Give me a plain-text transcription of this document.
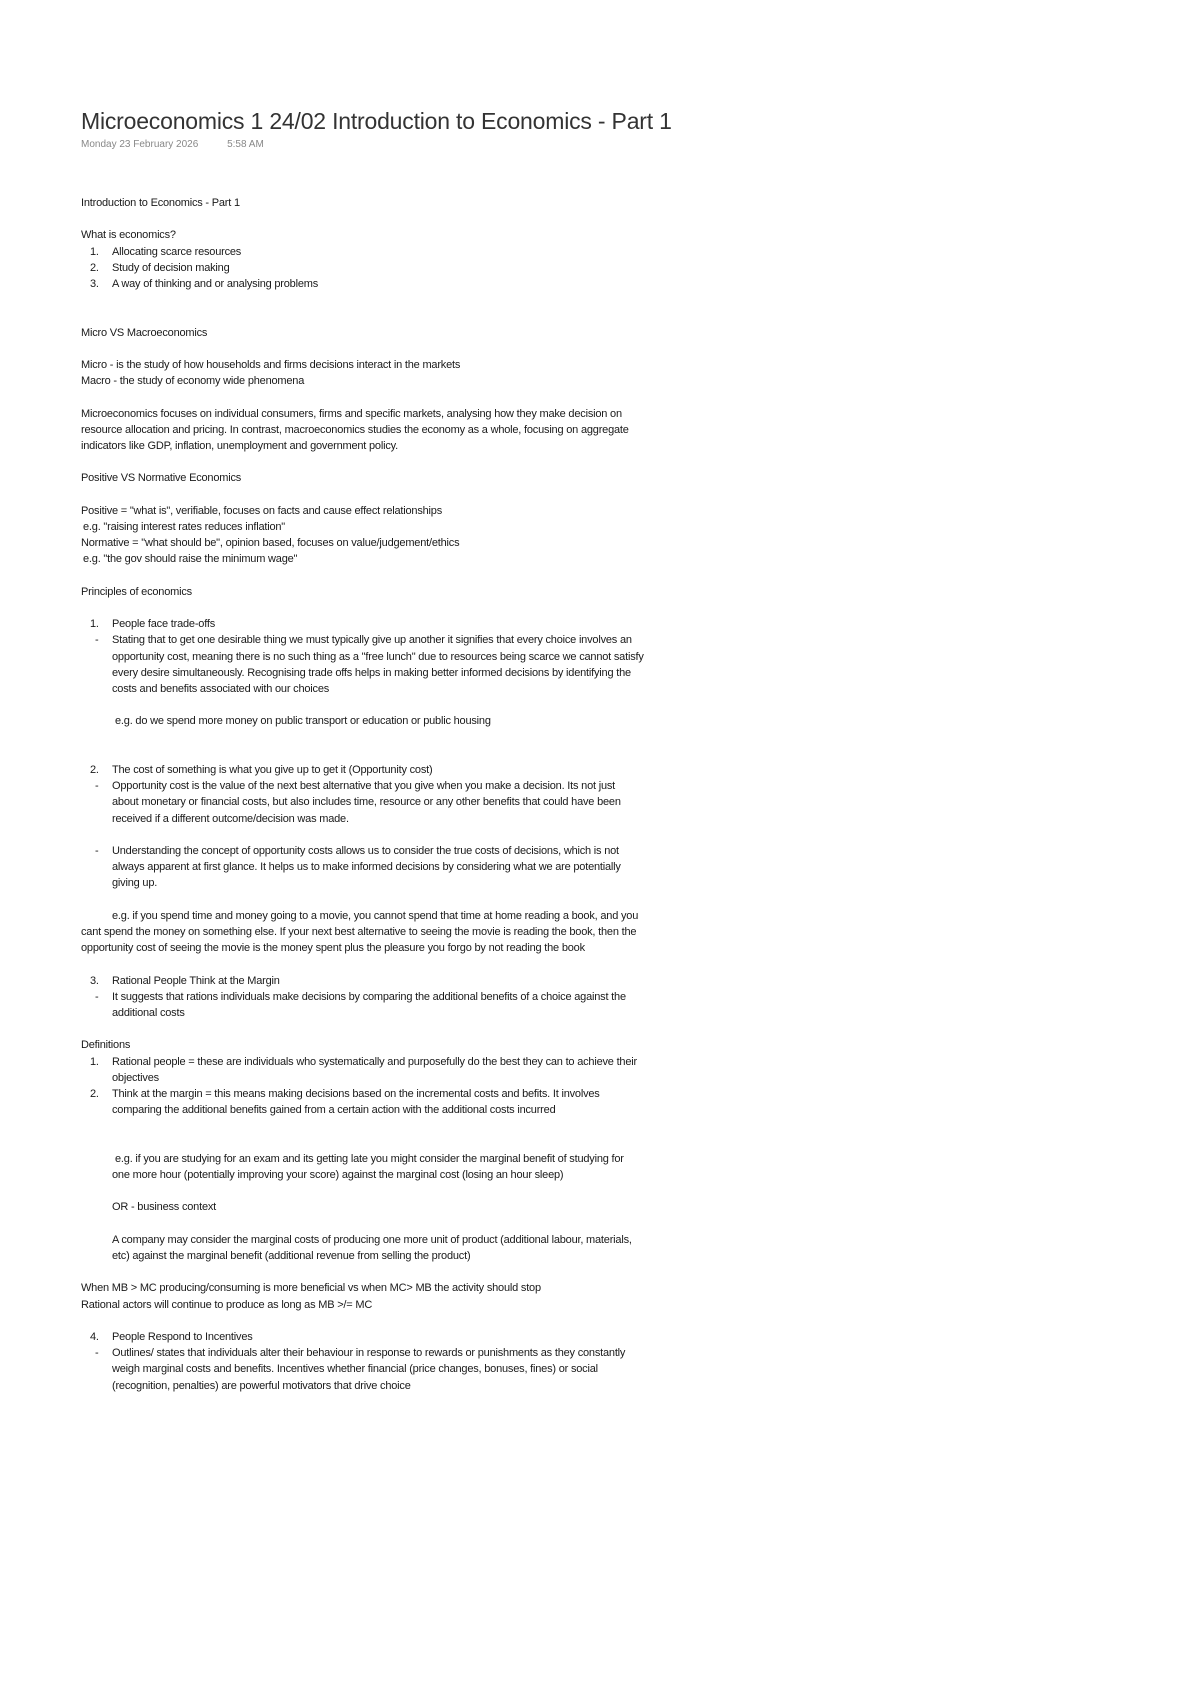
Microeconomics 1 24/02 Introduction to Economics - Part 1
Monday 23 February 2026	5:58 AM

Introduction to Economics - Part 1

What is economics?

1. Allocating scarce resources
2. Study of decision making
3. A way of thinking and or analysing problems

Micro VS Macroeconomics

Micro - is the study of how households and firms decisions interact in the markets

Macro - the study of economy wide phenomena

Microeconomics focuses on individual consumers, firms and specific markets, analysing how they make decision on

resource allocation and pricing. In contrast, macroeconomics studies the economy as a whole, focusing on aggregate

indicators like GDP, inflation, unemployment and government policy.

Positive VS Normative Economics

Positive = "what is", verifiable, focuses on facts and cause effect relationships

e.g. "raising interest rates reduces inflation"

Normative = "what should be", opinion based, focuses on value/judgement/ethics

e.g. "the gov should raise the minimum wage"

Principles of economics

1. People face trade-offs
- Stating that to get one desirable thing we must typically give up another it signifies that every choice involves an
opportunity cost, meaning there is no such thing as a "free lunch" due to resources being scarce we cannot satisfy
every desire simultaneously. Recognising trade offs helps in making better informed decisions by identifying the
costs and benefits associated with our choices

e.g. do we spend more money on public transport or education or public housing

2. The cost of something is what you give up to get it (Opportunity cost)
- Opportunity cost is the value of the next best alternative that you give when you make a decision. Its not just
about monetary or financial costs, but also includes time, resource or any other benefits that could have been
received if a different outcome/decision was made.
- Understanding the concept of opportunity costs allows us to consider the true costs of decisions, which is not
always apparent at first glance. It helps us to make informed decisions by considering what we are potentially
giving up.
e.g. if you spend time and money going to a movie, you cannot spend that time at home reading a book, and you
cant spend the money on something else. If your next best alternative to seeing the movie is reading the book, then the
opportunity cost of seeing the movie is the money spent plus the pleasure you forgo by not reading the book
3. Rational People Think at the Margin
- It suggests that rations individuals make decisions by comparing the additional benefits of a choice against the
additional costs

Definitions

1. Rational people = these are individuals who systematically and purposefully do the best they can to achieve their
objectives
2. Think at the margin = this means making decisions based on the incremental costs and befits. It involves
comparing the additional benefits gained from a certain action with the additional costs incurred
e.g. if you are studying for an exam and its getting late you might consider the marginal benefit of studying for
one more hour (potentially improving your score) against the marginal cost (losing an hour sleep)

OR - business context

A company may consider the marginal costs of producing one more unit of product (additional labour, materials,
etc) against the marginal benefit (additional revenue from selling the product)

When MB > MC producing/consuming is more beneficial vs when MC> MB the activity should stop

Rational actors will continue to produce as long as MB >/= MC

4. People Respond to Incentives
- Outlines/ states that individuals alter their behaviour in response to rewards or punishments as they constantly
weigh marginal costs and benefits. Incentives whether financial (price changes, bonuses, fines) or social
(recognition, penalties) are powerful motivators that drive choice
